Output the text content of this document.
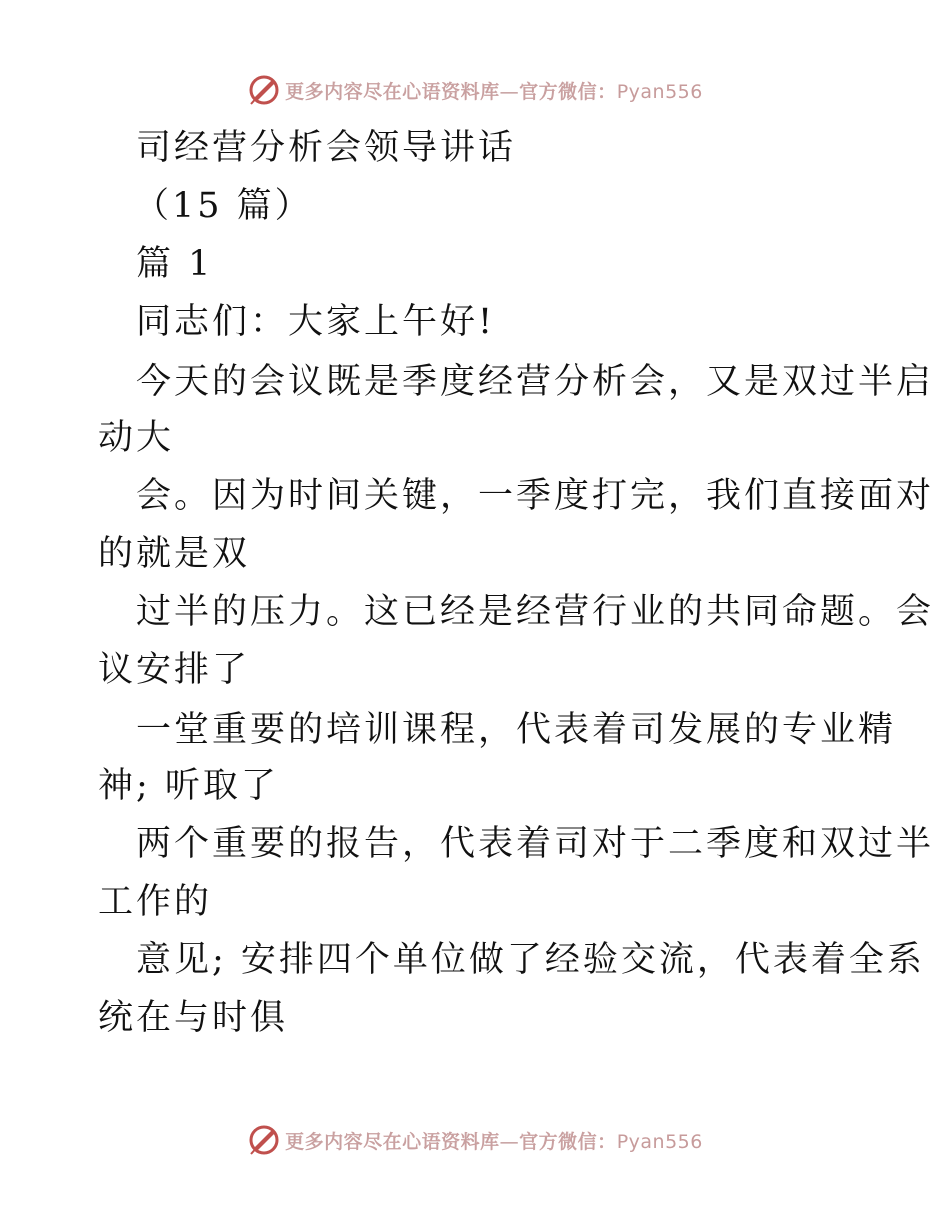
更多内容尽在心语资料库—官方微信：Pyan556
司经营分析会领导讲话
（15 篇）
篇 1
同志们：大家上午好!
今天的会议既是季度经营分析会，又是双过半启
动大
会。因为时间关键，一季度打完，我们直接面对
的就是双
过半的压力。这已经是经营行业的共同命题。会
议安排了
一堂重要的培训课程，代表着司发展的专业精
神; 听取了
两个重要的报告，代表着司对于二季度和双过半
工作的
意见; 安排四个单位做了经验交流，代表着全系
统在与时俱
更多内容尽在心语资料库—官方微信：Pyan556
